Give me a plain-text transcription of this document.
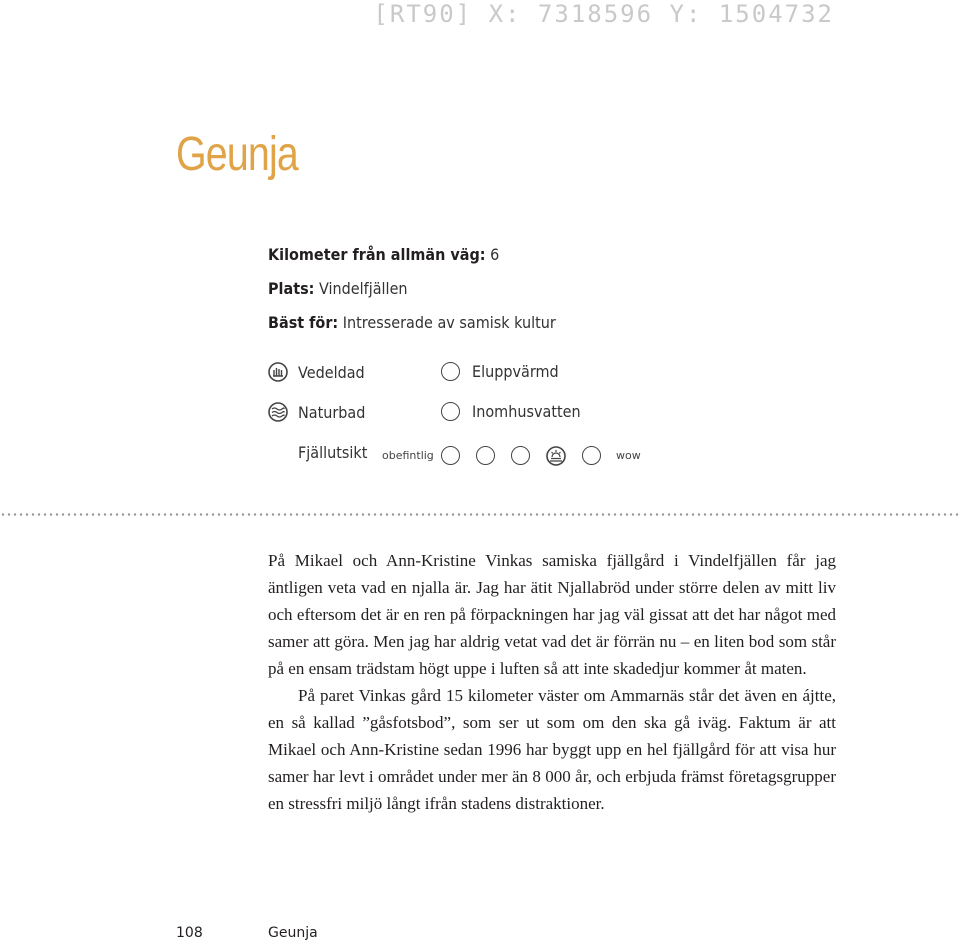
[RT90] X: 7318596 Y: 1504732
Geunja
Kilometer från allmän väg: 6
Plats: Vindelfjällen
Bäst för: Intresserade av samisk kultur
Vedeldad	Eluppvärmd
Naturbad	Inomhusvatten
Fjällutsikt obefintlig	wow

På Mikael och Ann-Kristine Vinkas samiska fjällgård i Vindelfjällen får jag äntligen veta vad en njalla är. Jag har ätit Njallabröd under större delen av mitt liv och eftersom det är en ren på förpackningen har jag väl gissat att det har något med samer att göra. Men jag har aldrig vetat vad det är förrän nu – en liten bod som står på en ensam trädstam högt uppe i luften så att inte skadedjur kommer åt maten.

På paret Vinkas gård 15 kilometer väster om Ammarnäs står det även en ájtte, en så kallad ”gåsfotsbod”, som ser ut som om den ska gå iväg. Faktum är att Mikael och Ann-Kristine sedan 1996 har byggt upp en hel fjällgård för att visa hur samer har levt i området under mer än 8 000 år, och erbjuda främst företagsgrupper en stressfri miljö långt ifrån stadens distraktioner.

108	Geunja
